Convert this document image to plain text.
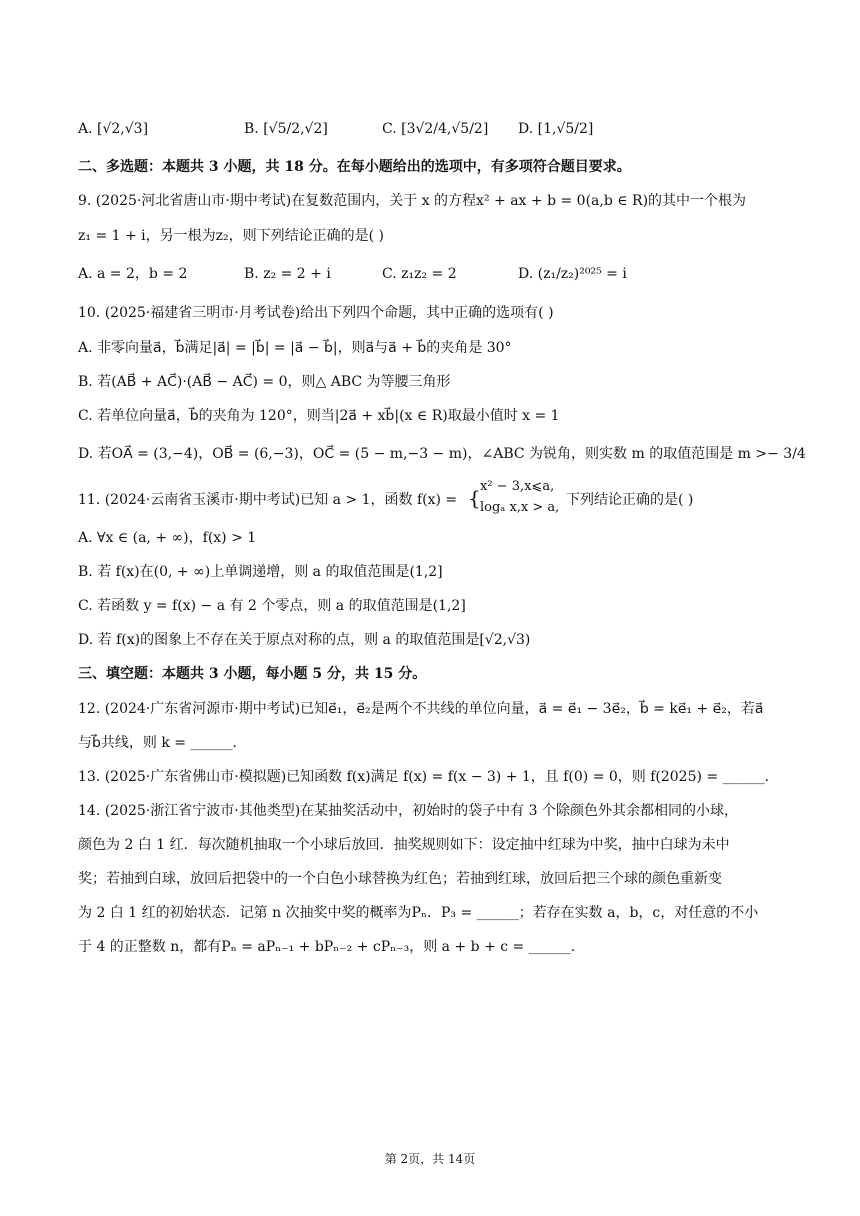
A. [√2,√3]	B. [√5/2,√2]	C. [3√2/4,√5/2] D. [1,√5/2]
二、多选题：本题共 3 小题，共 18 分。在每小题给出的选项中，有多项符合题目要求。
9. (2025·河北省唐山市·期中考试)在复数范围内，关于 x 的方程x² + ax + b = 0(a,b ∈ R)的其中一个根为
z₁ = 1 + i，另一根为z₂，则下列结论正确的是( )
A. a = 2，b = 2	B. z₂ = 2 + i	C. z₁z₂ = 2	D. (z₁/z₂)²⁰²⁵ = i
10. (2025·福建省三明市·月考试卷)给出下列四个命题，其中正确的选项有( )
A. 非零向量a⃗，b⃗满足|a⃗| = |b⃗| = |a⃗ − b⃗|，则a⃗与a⃗ + b⃗的夹角是 30°
B. 若(AB⃗ + AC⃗)·(AB⃗ − AC⃗) = 0，则△ ABC 为等腰三角形
C. 若单位向量a⃗，b⃗的夹角为 120°，则当|2a⃗ + xb⃗|(x ∈ R)取最小值时 x = 1
D. 若OA⃗ = (3,−4)，OB⃗ = (6,−3)，OC⃗ = (5 − m,−3 − m)，∠ABC 为锐角，则实数 m 的取值范围是 m >− 3/4
11. (2024·云南省玉溪市·期中考试)已知 a > 1，函数 f(x) = { x² − 3,x⩽a,
logₐ x,x > a, 下列结论正确的是( )
A. ∀x ∈ (a, + ∞)，f(x) > 1
B. 若 f(x)在(0, + ∞)上单调递增，则 a 的取值范围是(1,2]
C. 若函数 y = f(x) − a 有 2 个零点，则 a 的取值范围是(1,2]
D. 若 f(x)的图象上不存在关于原点对称的点，则 a 的取值范围是[√2,√3)
三、填空题：本题共 3 小题，每小题 5 分，共 15 分。
12. (2024·广东省河源市·期中考试)已知e⃗₁，e⃗₂是两个不共线的单位向量，a⃗ = e⃗₁ − 3e⃗₂，b⃗ = ke⃗₁ + e⃗₂，若a⃗
与b⃗共线，则 k = ______.
13. (2025·广东省佛山市·模拟题)已知函数 f(x)满足 f(x) = f(x − 3) + 1，且 f(0) = 0，则 f(2025) = ______.
14. (2025·浙江省宁波市·其他类型)在某抽奖活动中，初始时的袋子中有 3 个除颜色外其余都相同的小球，
颜色为 2 白 1 红．每次随机抽取一个小球后放回．抽奖规则如下：设定抽中红球为中奖，抽中白球为未中
奖；若抽到白球，放回后把袋中的一个白色小球替换为红色；若抽到红球，放回后把三个球的颜色重新变
为 2 白 1 红的初始状态．记第 n 次抽奖中奖的概率为Pₙ．P₃ = ______；若存在实数 a，b，c，对任意的不小
于 4 的正整数 n，都有Pₙ = aPₙ₋₁ + bPₙ₋₂ + cPₙ₋₃，则 a + b + c = ______.
第 2页，共 14页
